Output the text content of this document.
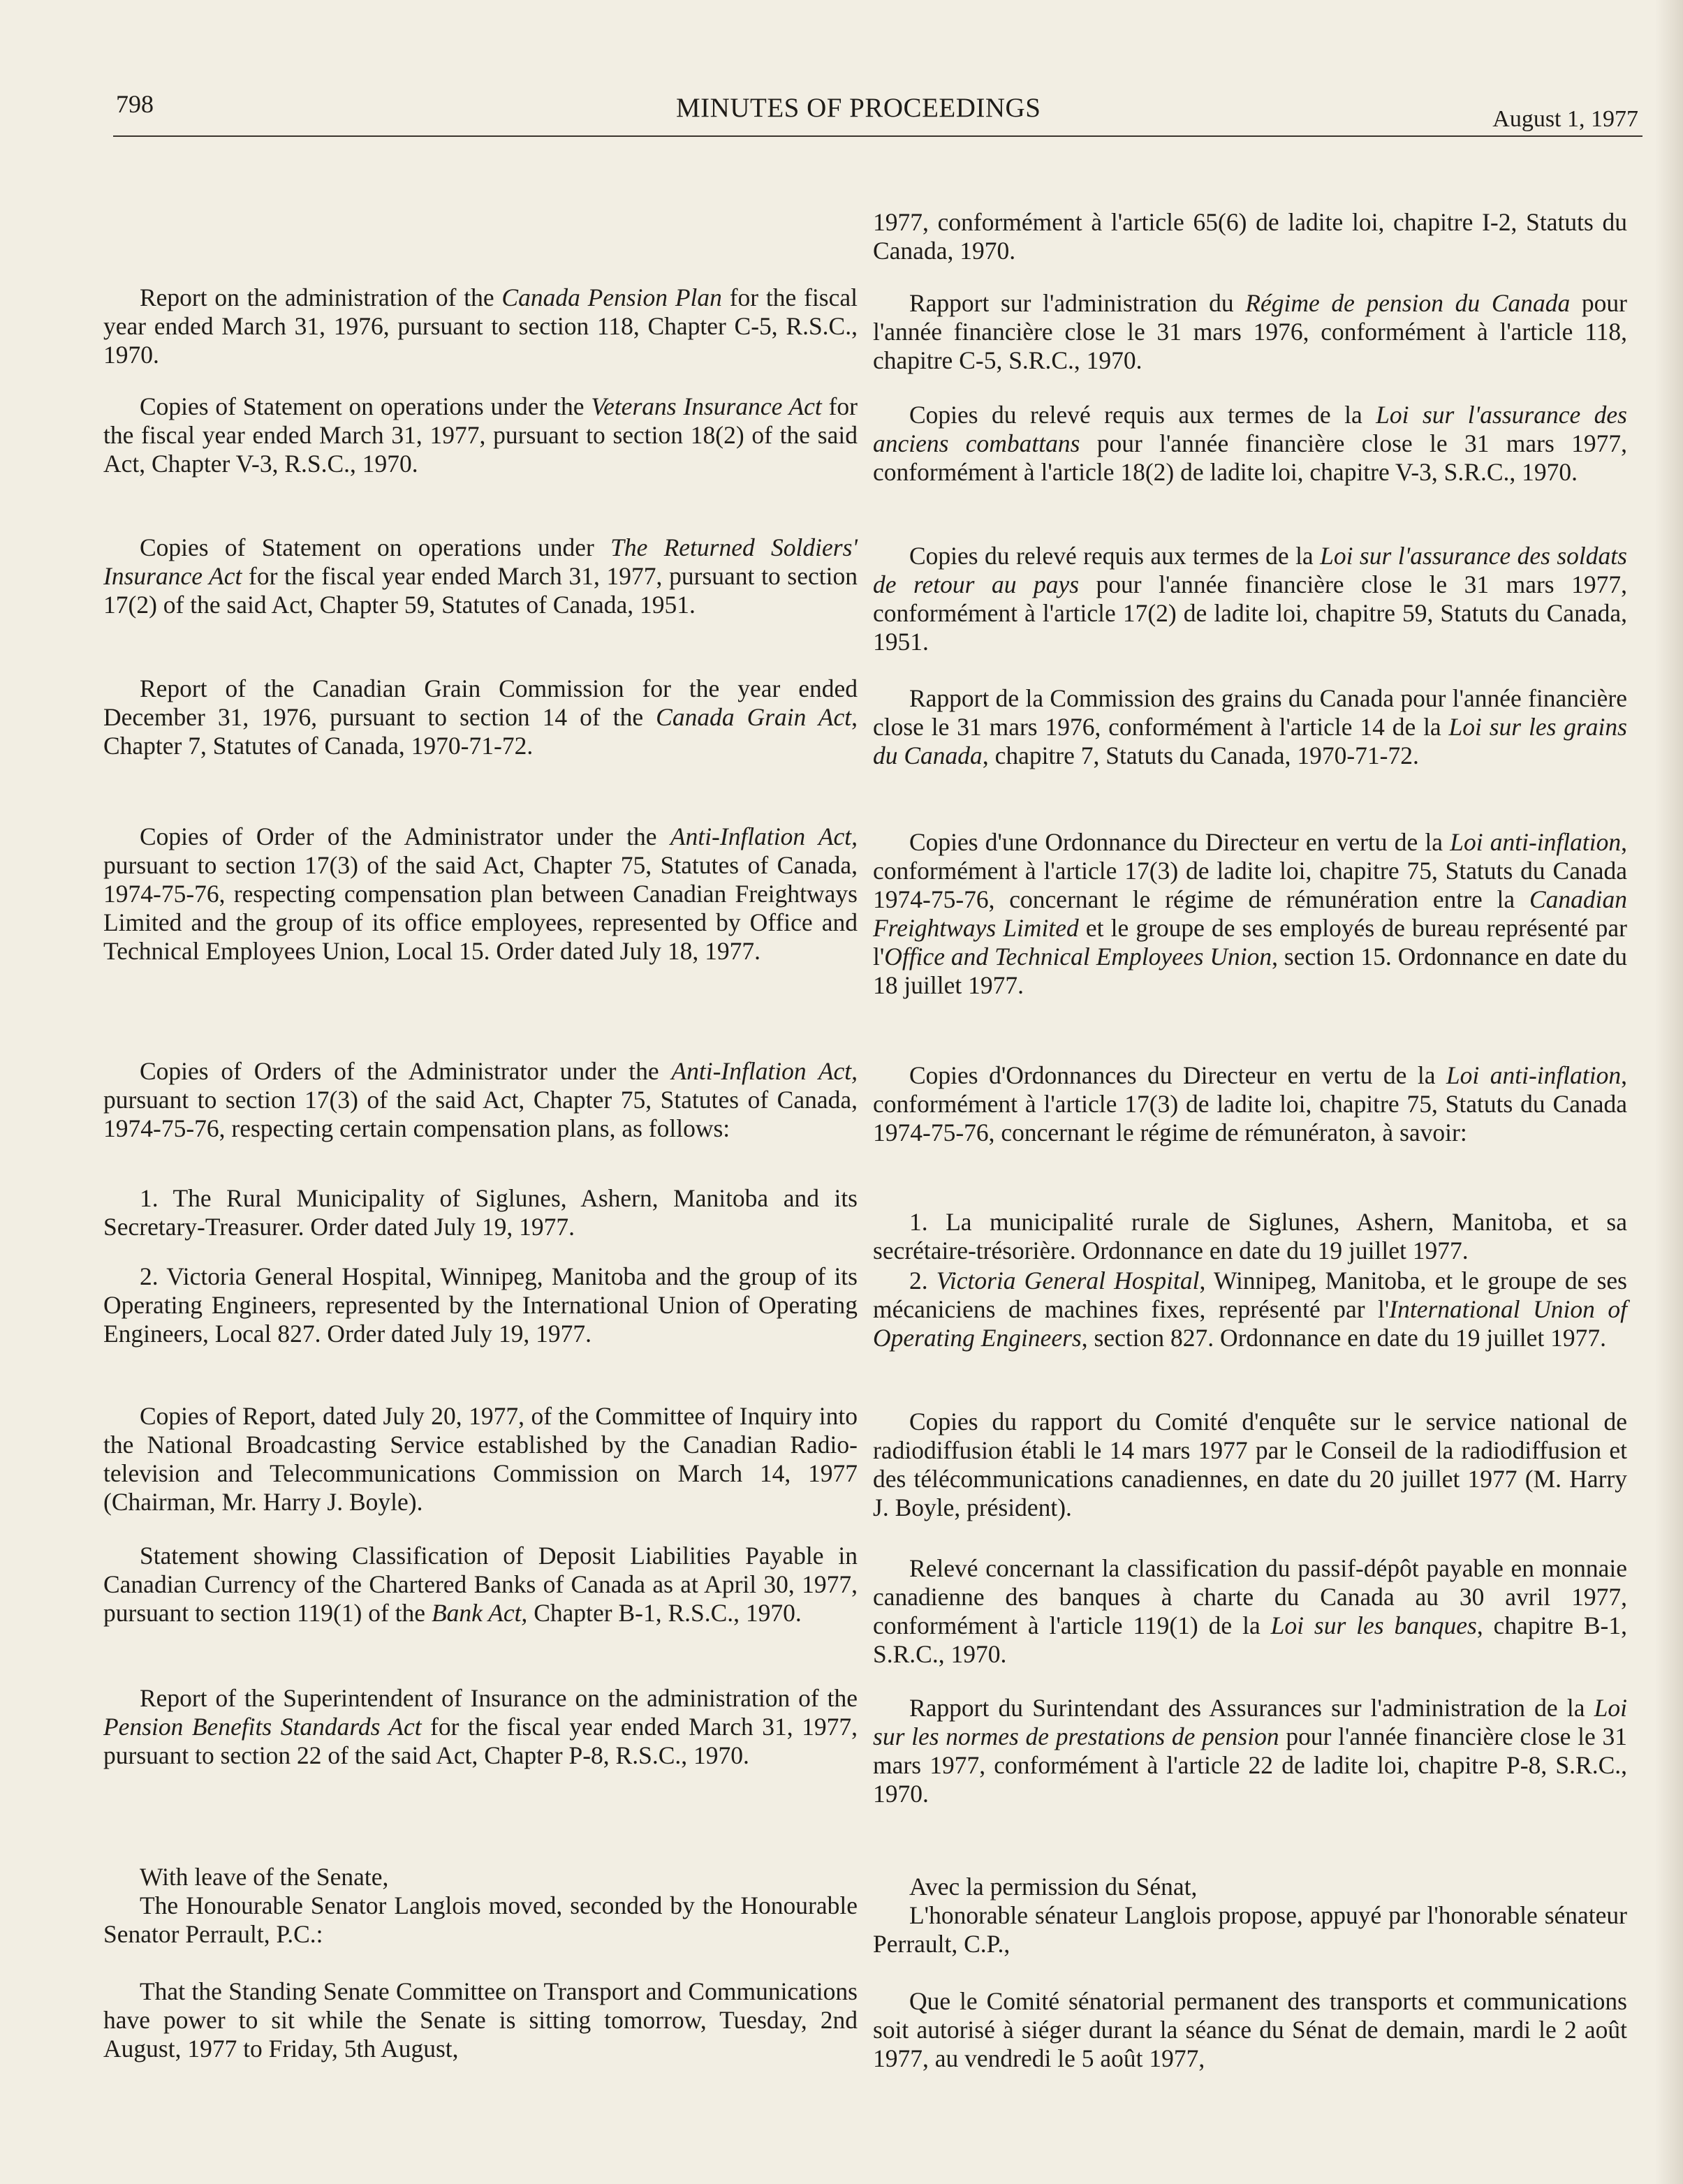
798	MINUTES OF PROCEEDINGS	August 1, 1977

Report on the administration of the Canada Pension Plan for the fiscal year ended March 31, 1976, pursuant to section 118, Chapter C-5, R.S.C., 1970.

Copies of Statement on operations under the Veterans Insurance Act for the fiscal year ended March 31, 1977, pursuant to section 18(2) of the said Act, Chapter V-3, R.S.C., 1970.

Copies of Statement on operations under The Returned Soldiers' Insurance Act for the fiscal year ended March 31, 1977, pursuant to section 17(2) of the said Act, Chapter 59, Statutes of Canada, 1951.

Report of the Canadian Grain Commission for the year ended December 31, 1976, pursuant to section 14 of the Canada Grain Act, Chapter 7, Statutes of Canada, 1970-71-72.

Copies of Order of the Administrator under the Anti-Inflation Act, pursuant to section 17(3) of the said Act, Chapter 75, Statutes of Canada, 1974-75-76, respecting compensation plan between Canadian Freightways Limited and the group of its office employees, represented by Office and Technical Employees Union, Local 15. Order dated July 18, 1977.

Copies of Orders of the Administrator under the Anti-Inflation Act, pursuant to section 17(3) of the said Act, Chapter 75, Statutes of Canada, 1974-75-76, respecting certain compensation plans, as follows:

1. The Rural Municipality of Siglunes, Ashern, Manitoba and its Secretary-Treasurer. Order dated July 19, 1977.

2. Victoria General Hospital, Winnipeg, Manitoba and the group of its Operating Engineers, represented by the International Union of Operating Engineers, Local 827. Order dated July 19, 1977.

Copies of Report, dated July 20, 1977, of the Committee of Inquiry into the National Broadcasting Service established by the Canadian Radio-television and Telecommunications Commission on March 14, 1977 (Chairman, Mr. Harry J. Boyle).

Statement showing Classification of Deposit Liabilities Payable in Canadian Currency of the Chartered Banks of Canada as at April 30, 1977, pursuant to section 119(1) of the Bank Act, Chapter B-1, R.S.C., 1970.

Report of the Superintendent of Insurance on the administration of the Pension Benefits Standards Act for the fiscal year ended March 31, 1977, pursuant to section 22 of the said Act, Chapter P-8, R.S.C., 1970.

With leave of the Senate,
The Honourable Senator Langlois moved, seconded by the Honourable Senator Perrault, P.C.:

That the Standing Senate Committee on Transport and Communications have power to sit while the Senate is sitting tomorrow, Tuesday, 2nd August, 1977 to Friday, 5th August,

1977, conformément à l'article 65(6) de ladite loi, chapitre I-2, Statuts du Canada, 1970.

Rapport sur l'administration du Régime de pension du Canada pour l'année financière close le 31 mars 1976, conformément à l'article 118, chapitre C-5, S.R.C., 1970.

Copies du relevé requis aux termes de la Loi sur l'assurance des anciens combattans pour l'année financière close le 31 mars 1977, conformément à l'article 18(2) de ladite loi, chapitre V-3, S.R.C., 1970.

Copies du relevé requis aux termes de la Loi sur l'assurance des soldats de retour au pays pour l'année financière close le 31 mars 1977, conformément à l'article 17(2) de ladite loi, chapitre 59, Statuts du Canada, 1951.

Rapport de la Commission des grains du Canada pour l'année financière close le 31 mars 1976, conformément à l'article 14 de la Loi sur les grains du Canada, chapitre 7, Statuts du Canada, 1970-71-72.

Copies d'une Ordonnance du Directeur en vertu de la Loi anti-inflation, conformément à l'article 17(3) de ladite loi, chapitre 75, Statuts du Canada 1974-75-76, concernant le régime de rémunération entre la Canadian Freightways Limited et le groupe de ses employés de bureau représenté par l'Office and Technical Employees Union, section 15. Ordonnance en date du 18 juillet 1977.

Copies d'Ordonnances du Directeur en vertu de la Loi anti-inflation, conformément à l'article 17(3) de ladite loi, chapitre 75, Statuts du Canada 1974-75-76, concernant le régime de rémunératon, à savoir:

1. La municipalité rurale de Siglunes, Ashern, Manitoba, et sa secrétaire-trésorière. Ordonnance en date du 19 juillet 1977.

2. Victoria General Hospital, Winnipeg, Manitoba, et le groupe de ses mécaniciens de machines fixes, représenté par l'International Union of Operating Engineers, section 827. Ordonnance en date du 19 juillet 1977.

Copies du rapport du Comité d'enquête sur le service national de radiodiffusion établi le 14 mars 1977 par le Conseil de la radiodiffusion et des télécommunications canadiennes, en date du 20 juillet 1977 (M. Harry J. Boyle, président).

Relevé concernant la classification du passif-dépôt payable en monnaie canadienne des banques à charte du Canada au 30 avril 1977, conformément à l'article 119(1) de la Loi sur les banques, chapitre B-1, S.R.C., 1970.

Rapport du Surintendant des Assurances sur l'administration de la Loi sur les normes de prestations de pension pour l'année financière close le 31 mars 1977, conformément à l'article 22 de ladite loi, chapitre P-8, S.R.C., 1970.

Avec la permission du Sénat,
L'honorable sénateur Langlois propose, appuyé par l'honorable sénateur Perrault, C.P.,

Que le Comité sénatorial permanent des transports et communications soit autorisé à siéger durant la séance du Sénat de demain, mardi le 2 août 1977, au vendredi le 5 août 1977,
